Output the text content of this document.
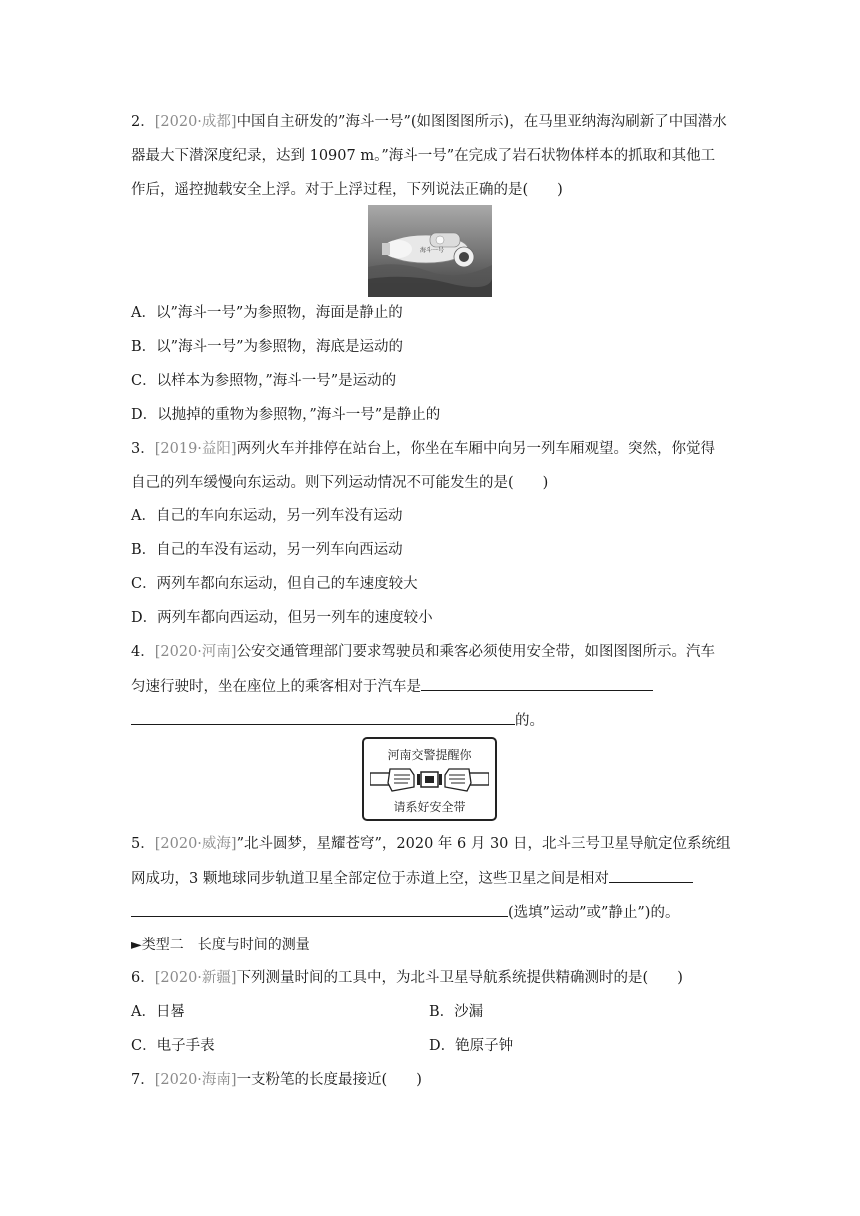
2．[2020·成都]中国自主研发的”海斗一号”(如图图图所示)，在马里亚纳海沟刷新了中国潜水
器最大下潜深度纪录，达到 10907 m。”海斗一号”在完成了岩石状物体样本的抓取和其他工
作后，遥控抛载安全上浮。对于上浮过程，下列说法正确的是(　　)
海斗一号
A．以”海斗一号”为参照物，海面是静止的
B．以”海斗一号”为参照物，海底是运动的
C．以样本为参照物，”海斗一号”是运动的
D．以抛掉的重物为参照物，”海斗一号”是静止的
3．[2019·益阳]两列火车并排停在站台上，你坐在车厢中向另一列车厢观望。突然，你觉得
自己的列车缓慢向东运动。则下列运动情况不可能发生的是(　　)
A．自己的车向东运动，另一列车没有运动
B．自己的车没有运动，另一列车向西运动
C．两列车都向东运动，但自己的车速度较大
D．两列车都向西运动，但另一列车的速度较小
4．[2020·河南]公安交通管理部门要求驾驶员和乘客必须使用安全带，如图图图所示。汽车
匀速行驶时，坐在座位上的乘客相对于汽车是
的。
河南交警提醒你
请系好安全带
5．[2020·威海]”北斗圆梦，星耀苍穹”，2020 年 6 月 30 日，北斗三号卫星导航定位系统组
网成功，3 颗地球同步轨道卫星全部定位于赤道上空，这些卫星之间是相对
(选填”运动”或”静止”)的。
►类型二　长度与时间的测量
6．[2020·新疆]下列测量时间的工具中，为北斗卫星导航系统提供精确测时的是(　　)
A．日晷	B．沙漏
C．电子手表	D．铯原子钟
7．[2020·海南]一支粉笔的长度最接近(　　)
